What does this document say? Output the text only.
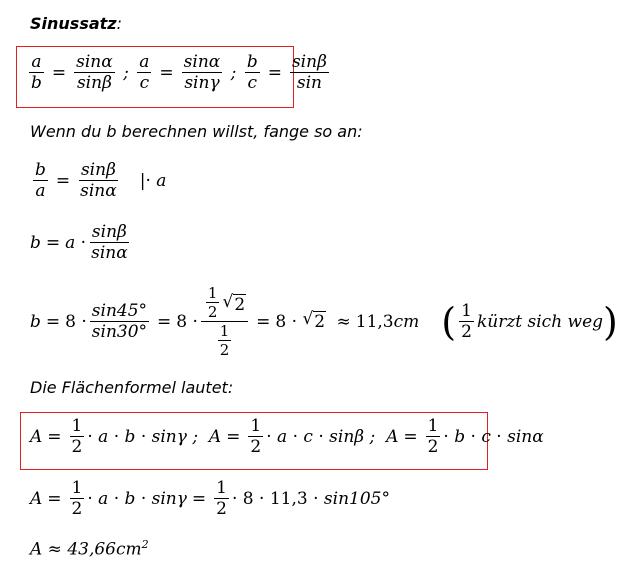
Sinussatz:
$\frac{a}{b} = \frac{\sin\alpha}{\sin\beta}$ ; $\frac{a}{c} = \frac{\sin\alpha}{\sin\gamma}$ ; $\frac{b}{c} = \frac{\sin\beta}{\sin}$
Wenn du b berechnen willst, fange so an:
$\frac{b}{a} = \frac{\sin\beta}{\sin\alpha}$ | · a
$b = a \cdot \frac{\sin\beta}{\sin\alpha}$
$b = 8 \cdot \frac{\sin 45^\circ}{\sin 30^\circ} = 8 \cdot \frac{\frac{1}{2} √ 2}{\frac{1}{2}} = 8$ · √ 2 ≈ 11,3 cm ( $\frac{1}{2}$ kürzt sich weg )
Die Flächenformel lautet:
$A = \frac{1}{2} \cdot a \cdot b \cdot \sin\gamma$ ; $A = \frac{1}{2} \cdot a \cdot c \cdot \sin\beta$ ; $A = \frac{1}{2} \cdot b \cdot c \cdot \sin\alpha$
$A = \frac{1}{2} \cdot a \cdot b \cdot \sin\gamma = \frac{1}{2} \cdot 8 \cdot 11,3 \cdot \sin 105^\circ$
$A \approx 43,66cm^2$
